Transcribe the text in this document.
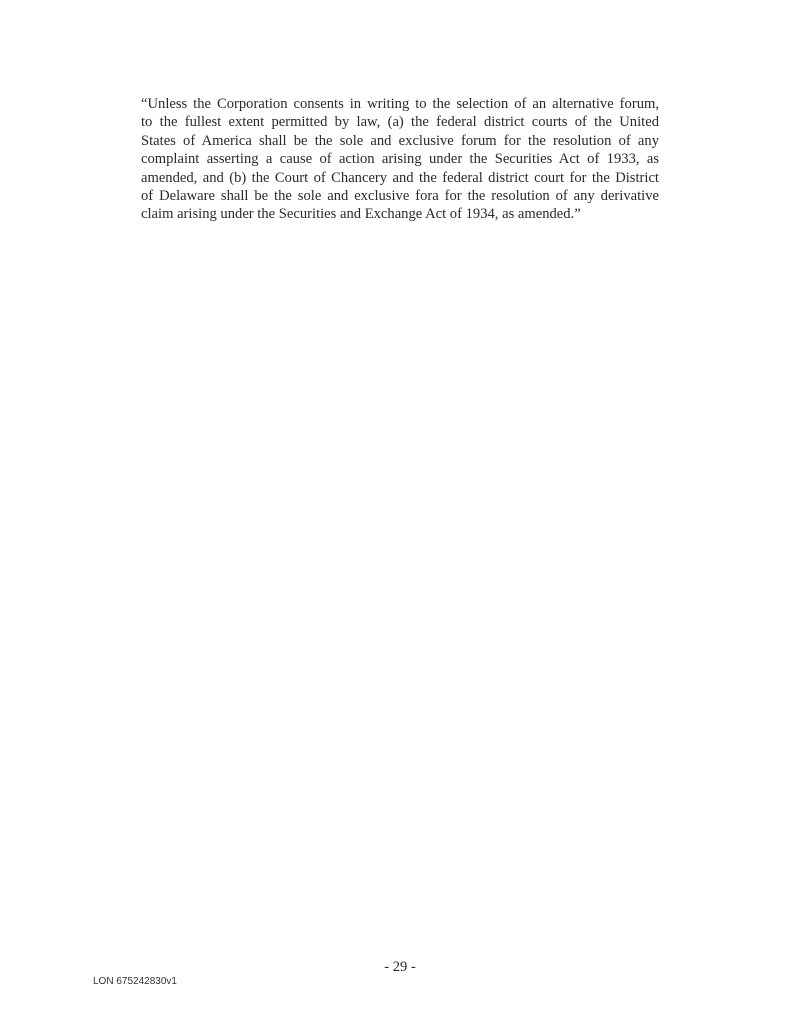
“Unless the Corporation consents in writing to the selection of an alternative forum,
to the fullest extent permitted by law, (a) the federal district courts of the United
States of America shall be the sole and exclusive forum for the resolution of any
complaint asserting a cause of action arising under the Securities Act of 1933, as
amended, and (b) the Court of Chancery and the federal district court for the District
of Delaware shall be the sole and exclusive fora for the resolution of any derivative
claim arising under the Securities and Exchange Act of 1934, as amended.”

- 29 -
LON 675242830v1
